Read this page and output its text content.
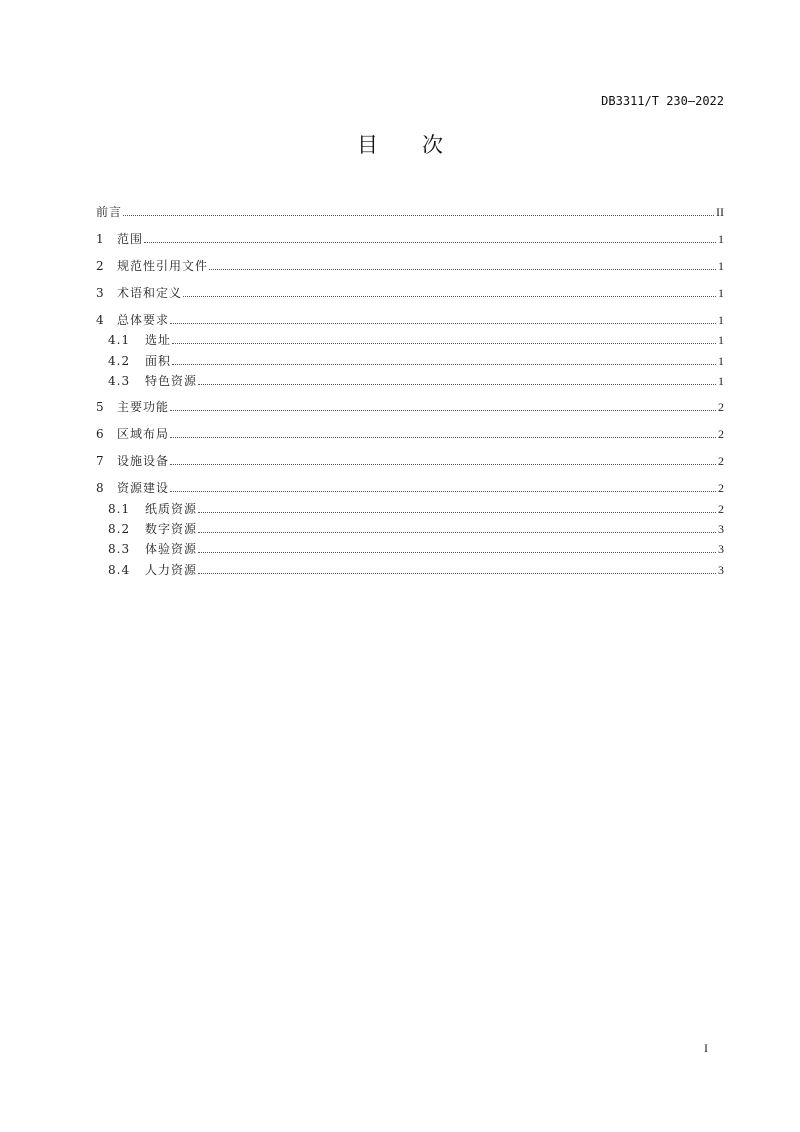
DB3311/T 230—2022
目 次
前言	II
1	范围	1
2	规范性引用文件	1
3	术语和定义	1
4	总体要求	1
4.1	选址	1
4.2	面积	1
4.3	特色资源	1
5	主要功能	2
6	区域布局	2
7	设施设备	2
8	资源建设	2
8.1	纸质资源	2
8.2	数字资源	3
8.3	体验资源	3
8.4	人力资源	3
I
